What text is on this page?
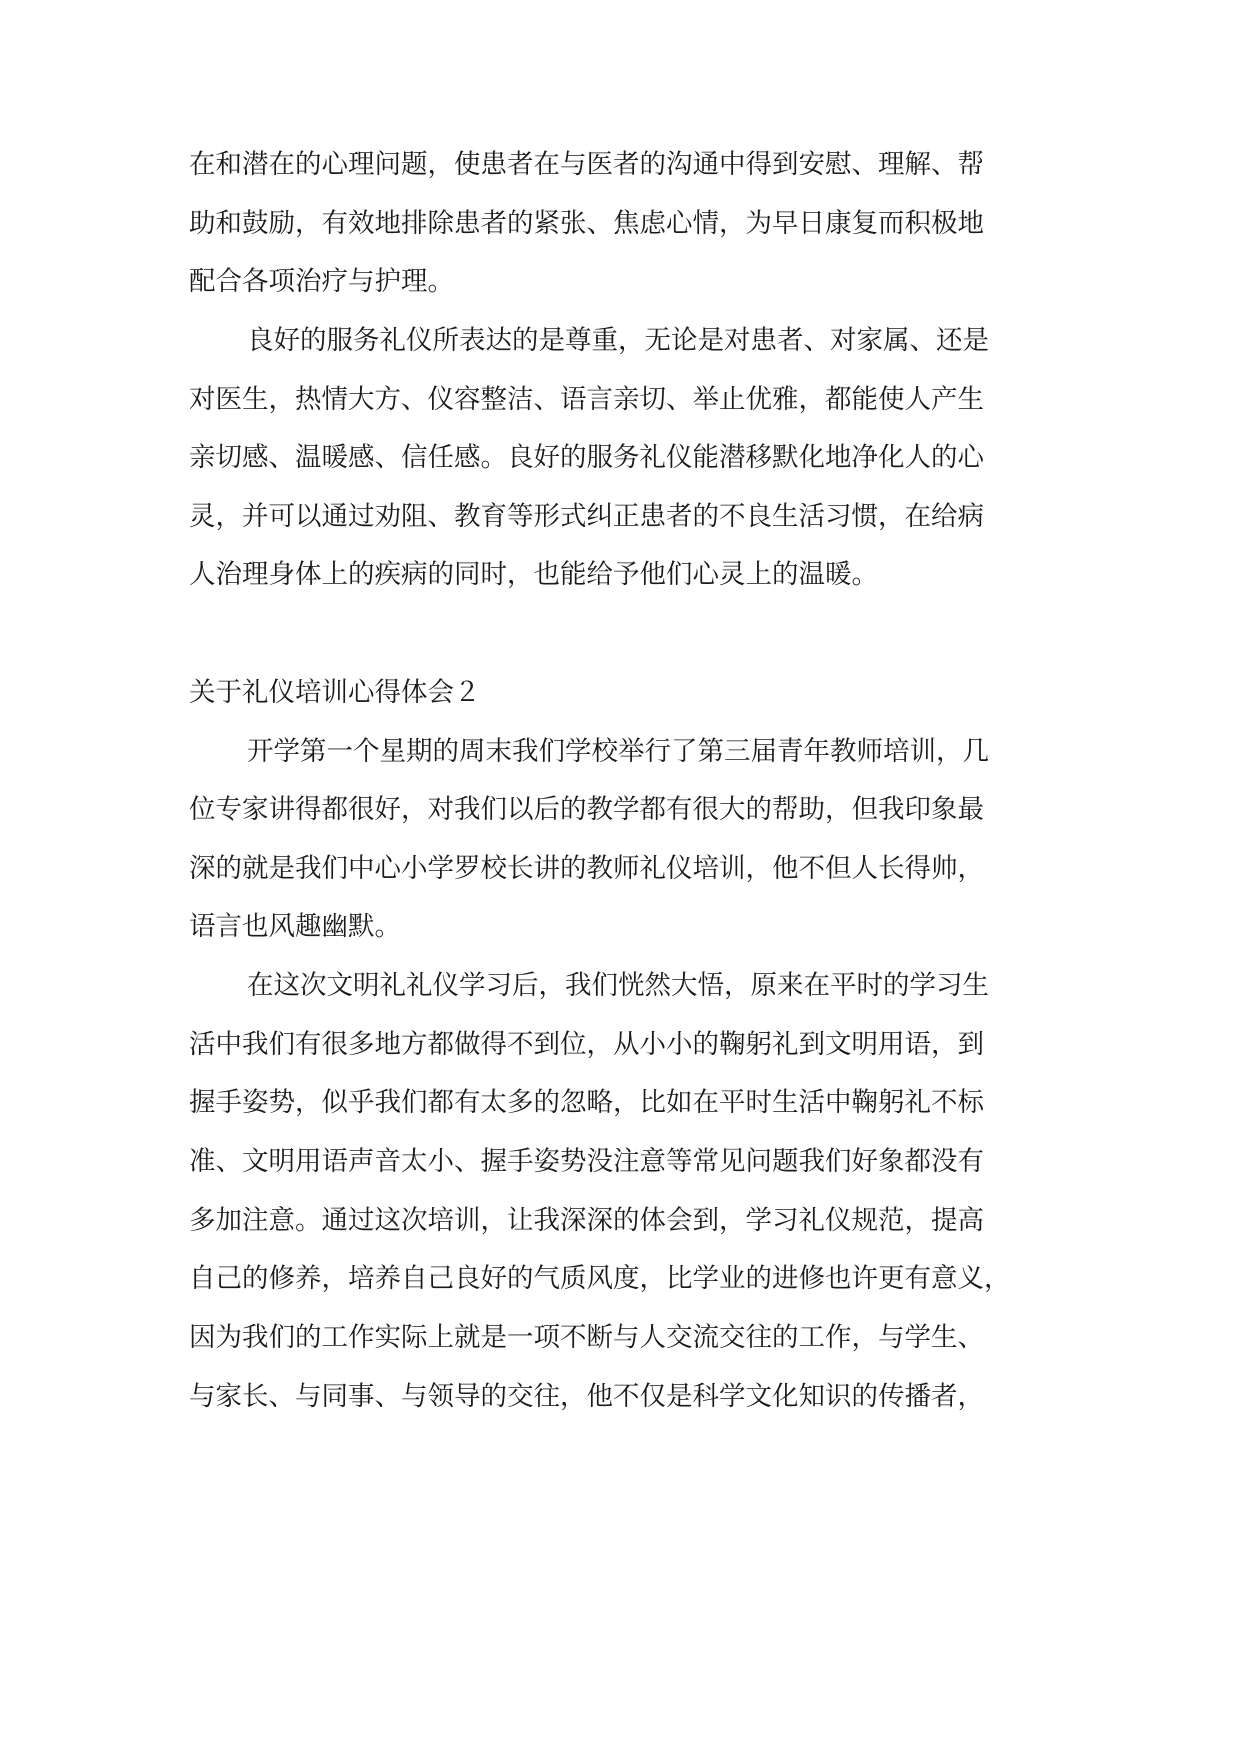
在和潜在的心理问题，使患者在与医者的沟通中得到安慰、理解、帮
助和鼓励，有效地排除患者的紧张、焦虑心情，为早日康复而积极地
配合各项治疗与护理。
良好的服务礼仪所表达的是尊重，无论是对患者、对家属、还是
对医生，热情大方、仪容整洁、语言亲切、举止优雅，都能使人产生
亲切感、温暖感、信任感。良好的服务礼仪能潜移默化地净化人的心
灵，并可以通过劝阻、教育等形式纠正患者的不良生活习惯，在给病
人治理身体上的疾病的同时，也能给予他们心灵上的温暖。
关于礼仪培训心得体会２
开学第一个星期的周末我们学校举行了第三届青年教师培训，几
位专家讲得都很好，对我们以后的教学都有很大的帮助，但我印象最
深的就是我们中心小学罗校长讲的教师礼仪培训，他不但人长得帅，
语言也风趣幽默。
在这次文明礼礼仪学习后，我们恍然大悟，原来在平时的学习生
活中我们有很多地方都做得不到位，从小小的鞠躬礼到文明用语，到
握手姿势，似乎我们都有太多的忽略，比如在平时生活中鞠躬礼不标
准、文明用语声音太小、握手姿势没注意等常见问题我们好象都没有
多加注意。通过这次培训，让我深深的体会到，学习礼仪规范，提高
自己的修养，培养自己良好的气质风度，比学业的进修也许更有意义，
因为我们的工作实际上就是一项不断与人交流交往的工作，与学生、
与家长、与同事、与领导的交往，他不仅是科学文化知识的传播者，
